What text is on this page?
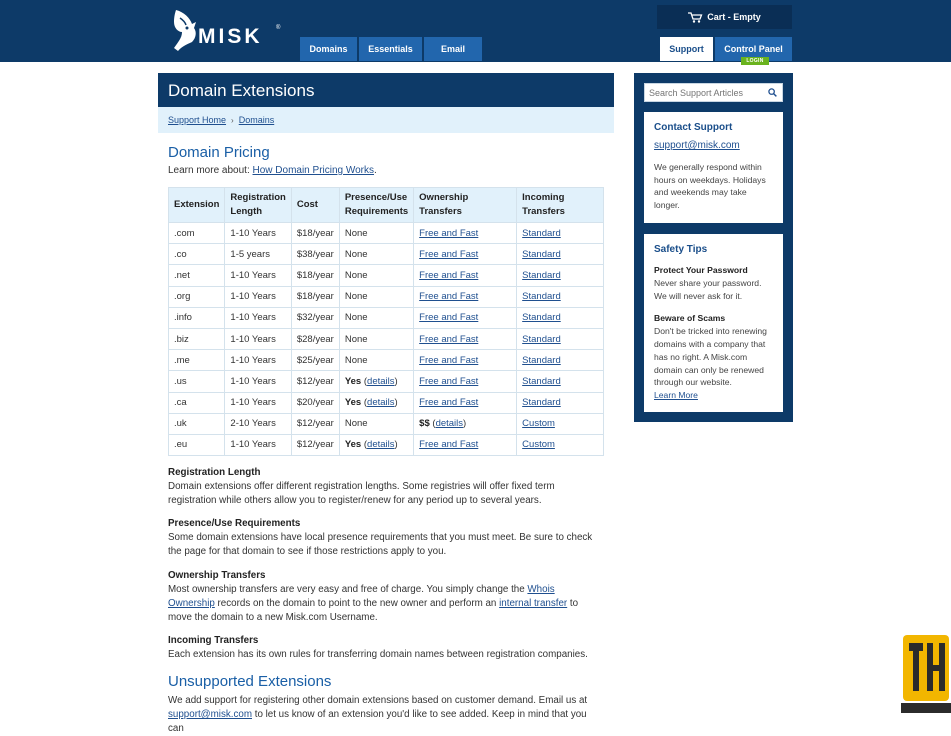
MISK ®
Domains	Essentials	Email
Cart - Empty
Support	Control Panel
LOGIN
Domain Extensions
Support Home › Domains
Domain Pricing
Learn more about: How Domain Pricing Works.
Extension	Registration Length	Cost	Presence/Use Requirements	Ownership Transfers	Incoming Transfers
.com	1-10 Years	$18/year	None	Free and Fast	Standard
.co	1-5 years	$38/year	None	Free and Fast	Standard
.net	1-10 Years	$18/year	None	Free and Fast	Standard
.org	1-10 Years	$18/year	None	Free and Fast	Standard
.info	1-10 Years	$32/year	None	Free and Fast	Standard
.biz	1-10 Years	$28/year	None	Free and Fast	Standard
.me	1-10 Years	$25/year	None	Free and Fast	Standard
.us	1-10 Years	$12/year	Yes (details)	Free and Fast	Standard
.ca	1-10 Years	$20/year	Yes (details)	Free and Fast	Standard
.uk	2-10 Years	$12/year	None	$$ (details)	Custom
.eu	1-10 Years	$12/year	Yes (details)	Free and Fast	Custom
Registration Length
Domain extensions offer different registration lengths. Some registries will offer fixed term registration while others allow you to register/renew for any period up to several years.
Presence/Use Requirements
Some domain extensions have local presence requirements that you must meet. Be sure to check the page for that domain to see if those restrictions apply to you.
Ownership Transfers
Most ownership transfers are very easy and free of charge. You simply change the Whois Ownership records on the domain to point to the new owner and perform an internal transfer to move the domain to a new Misk.com Username.
Incoming Transfers
Each extension has its own rules for transferring domain names between registration companies.
Unsupported Extensions
We add support for registering other domain extensions based on customer demand. Email us at support@misk.com to let us know of an extension you'd like to see added. Keep in mind that you can
Search Support Articles
Contact Support
support@misk.com
We generally respond within hours on weekdays. Holidays and weekends may take longer.
Safety Tips
Protect Your Password
Never share your password. We will never ask for it.
Beware of Scams
Don't be tricked into renewing domains with a company that has no right. A Misk.com domain can only be renewed through our website.
Learn More
